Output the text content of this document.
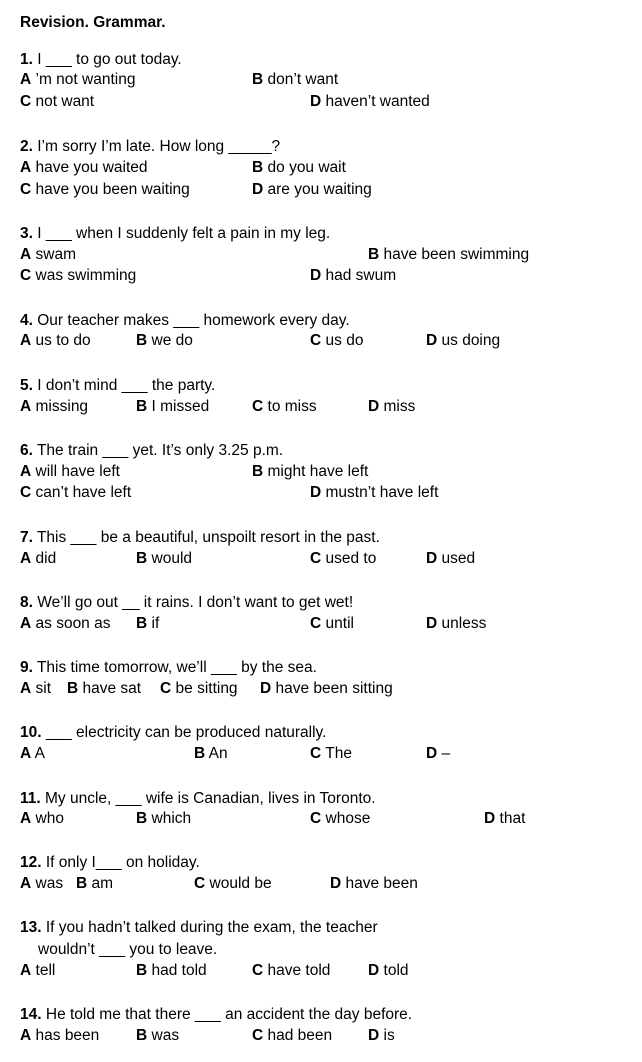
Revision. Grammar.
1. I ___ to go out today.
A ’m not wanting	B don’t want
C not want	D haven’t wanted
2. I’m sorry I’m late. How long _____?
A have you waited	B do you wait
C have you been waiting	D are you waiting
3. I ___ when I suddenly felt a pain in my leg.
A swam	B have been swimming
C was swimming	D had swum
4. Our teacher makes ___ homework every day.
A us to do	B we do	C us do	D us doing
5. I don’t mind ___ the party.
A missing	B I missed	C to miss	D miss
6. The train ___ yet. It’s only 3.25 p.m.
A will have left	B might have left
C can’t have left	D mustn’t have left
7. This ___ be a beautiful, unspoilt resort in the past.
A did	B would	C used to	D used
8. We’ll go out __ it rains. I don’t want to get wet!
A as soon as B if	C until	D unless
9. This time tomorrow, we’ll ___ by the sea.
A sit B have sat C be sitting D have been sitting
10. ___ electricity can be produced naturally.
A A	B An	C The	D –
11. My uncle, ___ wife is Canadian, lives in Toronto.
A who	B which	C whose	D that
12. If only I___ on holiday.
A was B am	C would be	D have been
13. If you hadn’t talked during the exam, the teacher
wouldn’t ___ you to leave.
A tell	B had told	C have told D told
14. He told me that there ___ an accident the day before.
A has been B was	C had been D is
